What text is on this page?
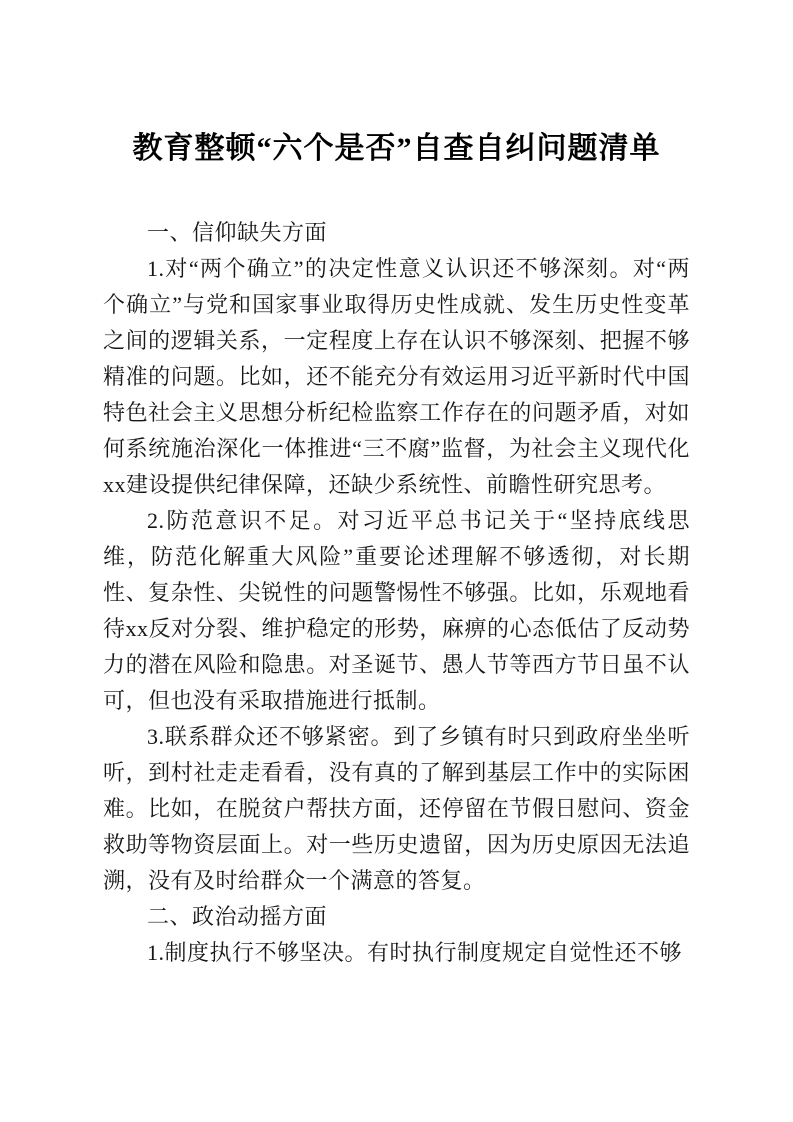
教育整顿“六个是否”自查自纠问题清单
一、信仰缺失方面

1.对“两个确立”的决定性意义认识还不够深刻。对“两个确立”与党和国家事业取得历史性成就、发生历史性变革之间的逻辑关系，一定程度上存在认识不够深刻、把握不够精准的问题。比如，还不能充分有效运用习近平新时代中国特色社会主义思想分析纪检监察工作存在的问题矛盾，对如何系统施治深化一体推进“三不腐”监督，为社会主义现代化xx建设提供纪律保障，还缺少系统性、前瞻性研究思考。

2.防范意识不足。对习近平总书记关于“坚持底线思维，防范化解重大风险”重要论述理解不够透彻，对长期性、复杂性、尖锐性的问题警惕性不够强。比如，乐观地看待xx反对分裂、维护稳定的形势，麻痹的心态低估了反动势力的潜在风险和隐患。对圣诞节、愚人节等西方节日虽不认可，但也没有采取措施进行抵制。

3.联系群众还不够紧密。到了乡镇有时只到政府坐坐听听，到村社走走看看，没有真的了解到基层工作中的实际困难。比如，在脱贫户帮扶方面，还停留在节假日慰问、资金救助等物资层面上。对一些历史遗留，因为历史原因无法追溯，没有及时给群众一个满意的答复。

二、政治动摇方面

1.制度执行不够坚决。有时执行制度规定自觉性还不够
